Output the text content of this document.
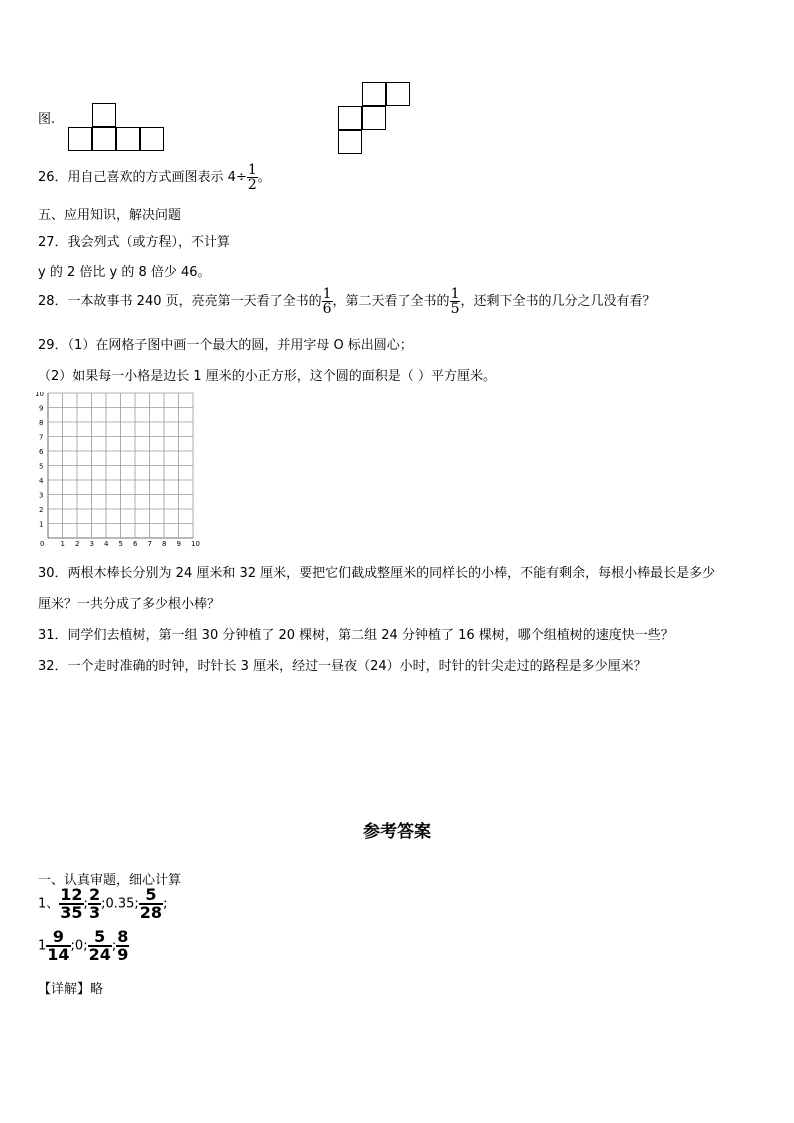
图.
26．用自己喜欢的方式画图表示 $4\div \frac{1}{2}$ 。
五、应用知识，解决问题
27．我会列式（或方程），不计算
y 的 2 倍比 y 的 8 倍少 46。
28．一本故事书 240 页，亮亮第一天看了全书的 $\frac{1}{6}$ ，第二天看了全书的 $\frac{1}{5}$ ，还剩下全书的几分之几没有看？
29．（1）在网格子图中画一个最大的圆，并用字母 O 标出圆心；
（2）如果每一小格是边长 1 厘米的小正方形，这个圆的面积是（ ）平方厘米。
0 1 2 3 4 5 6 7 8 9 10
1
2
3
4
5
6
7
8
9
10
30．两根木棒长分别为 24 厘米和 32 厘米，要把它们截成整厘米的同样长的小棒，不能有剩余，每根小棒最长是多少
厘米？一共分成了多少根小棒？
31．同学们去植树，第一组 30 分钟植了 20 棵树，第二组 24 分钟植了 16 棵树，哪个组植树的速度快一些？
32．一个走时准确的时钟，时针长 3 厘米，经过一昼夜（24）小时，时针的针尖走过的路程是多少厘米？
参考答案
一、认真审题，细心计算
1、 $\frac{12}{35}$ ; $\frac{2}{3}$ ;0.35; $\frac{5}{28}$ ;
$1 \frac{9}{14}$ ;0; $\frac{5}{24}$ ; $\frac{8}{9}$
【详解】略
